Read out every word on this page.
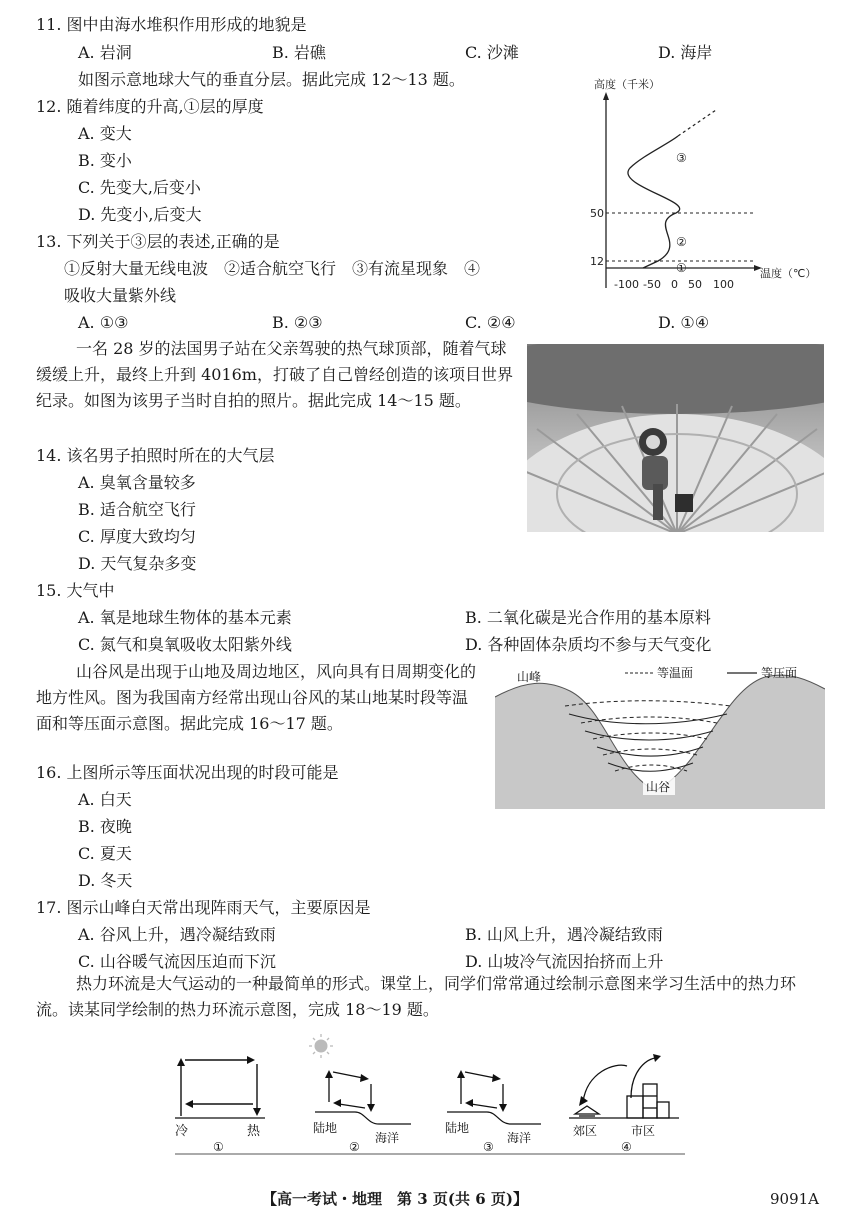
11. 图中由海水堆积作用形成的地貌是
A. 岩洞	B. 岩礁	C. 沙滩	D. 海岸
如图示意地球大气的垂直分层。据此完成 12～13 题。
12. 随着纬度的升高,①层的厚度
A. 变大
B. 变小
C. 先变大,后变小
D. 先变小,后变大
13. 下列关于③层的表述,正确的是
①反射大量无线电波　②适合航空飞行　③有流星现象　④
吸收大量紫外线
A. ①③	B. ②③	C. ②④	D. ①④
高度（千米）
50
12
-100 -50 0 50 100
温度（℃）
①
②
③
一名 28 岁的法国男子站在父亲驾驶的热气球顶部，随着气球缓缓上升，最终上升到 4016m，打破了自己曾经创造的该项目世界纪录。如图为该男子当时自拍的照片。据此完成 14～15 题。
14. 该名男子拍照时所在的大气层
A. 臭氧含量较多
B. 适合航空飞行
C. 厚度大致均匀
D. 天气复杂多变
15. 大气中
A. 氧是地球生物体的基本元素	B. 二氧化碳是光合作用的基本原料
C. 氮气和臭氧吸收太阳紫外线	D. 各种固体杂质均不参与天气变化
山谷风是出现于山地及周边地区，风向具有日周期变化的地方性风。图为我国南方经常出现山谷风的某山地某时段等温面和等压面示意图。据此完成 16～17 题。
山谷
山峰	等温面	等压面
16. 上图所示等压面状况出现的时段可能是
A. 白天
B. 夜晚
C. 夏天
D. 冬天
17. 图示山峰白天常出现阵雨天气，主要原因是
A. 谷风上升，遇冷凝结致雨	B. 山风上升，遇冷凝结致雨
C. 山谷暖气流因压迫而下沉	D. 山坡冷气流因抬挤而上升
热力环流是大气运动的一种最简单的形式。课堂上，同学们常常通过绘制示意图来学习生活中的热力环流。读某同学绘制的热力环流示意图，完成 18～19 题。
冷	热
①
陆地
海洋
②
陆地
海洋
③
郊区	市区
④
【高一考试・地理　第 3 页(共 6 页)】	9091A
